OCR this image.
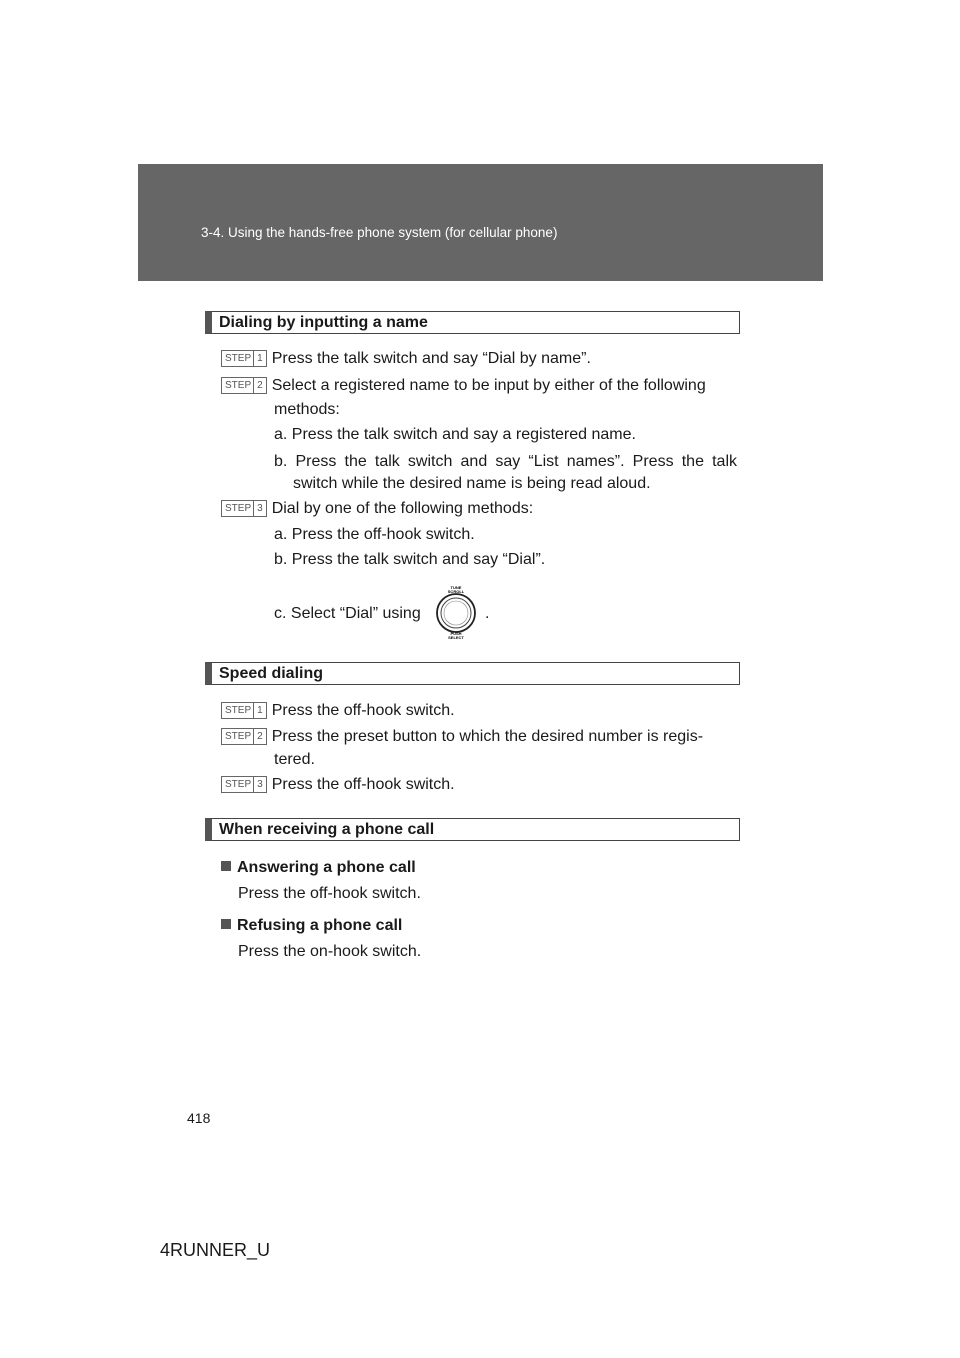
3-4. Using the hands-free phone system (for cellular phone)
Dialing by inputting a name
STEP 1 Press the talk switch and say “Dial by name”.
STEP 2 Select a registered name to be input by either of the following
methods:
a. Press the talk switch and say a registered name.
b. Press the talk switch and say “List names”. Press the talk
switch while the desired name is being read aloud.
STEP 3 Dial by one of the following methods:
a. Press the off-hook switch.
b. Press the talk switch and say “Dial”.
c. Select “Dial” using	.
TUNE
SCROLL
PUSH
SELECT
Speed dialing
STEP 1 Press the off-hook switch.
STEP 2 Press the preset button to which the desired number is regis-
tered.
STEP 3 Press the off-hook switch.
When receiving a phone call
Answering a phone call
Press the off-hook switch.
Refusing a phone call
Press the on-hook switch.
418
4RUNNER_U
